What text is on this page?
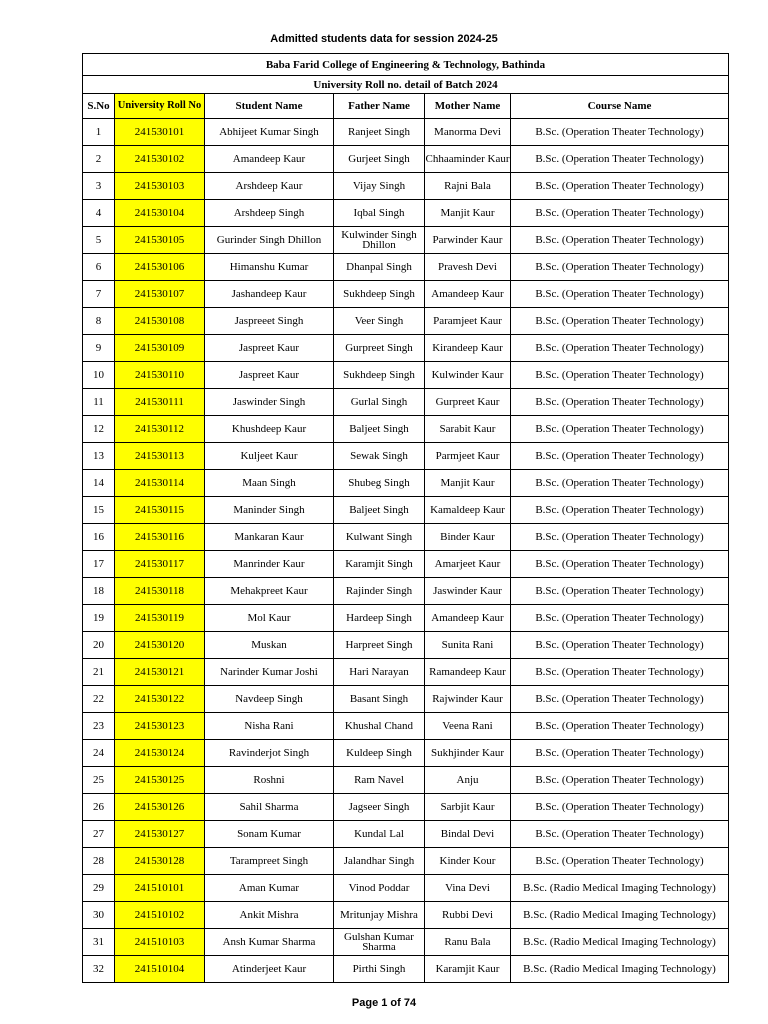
Admitted students data for session 2024-25
Baba Farid College of Engineering & Technology, Bathinda					
University Roll no. detail of Batch 2024					
S.No	University Roll No	Student Name	Father Name	Mother Name	Course Name
1	241530101	Abhijeet Kumar Singh	Ranjeet Singh	Manorma Devi	B.Sc. (Operation Theater Technology)
2	241530102	Amandeep Kaur	Gurjeet Singh	Chhaaminder Kaur	B.Sc. (Operation Theater Technology)
3	241530103	Arshdeep Kaur	Vijay Singh	Rajni Bala	B.Sc. (Operation Theater Technology)
4	241530104	Arshdeep Singh	Iqbal Singh	Manjit Kaur	B.Sc. (Operation Theater Technology)
5	241530105	Gurinder Singh Dhillon	Kulwinder Singh Dhillon	Parwinder Kaur	B.Sc. (Operation Theater Technology)
6	241530106	Himanshu Kumar	Dhanpal Singh	Pravesh Devi	B.Sc. (Operation Theater Technology)
7	241530107	Jashandeep Kaur	Sukhdeep Singh	Amandeep Kaur	B.Sc. (Operation Theater Technology)
8	241530108	Jaspreeet Singh	Veer Singh	Paramjeet Kaur	B.Sc. (Operation Theater Technology)
9	241530109	Jaspreet Kaur	Gurpreet Singh	Kirandeep Kaur	B.Sc. (Operation Theater Technology)
10	241530110	Jaspreet Kaur	Sukhdeep Singh	Kulwinder Kaur	B.Sc. (Operation Theater Technology)
11	241530111	Jaswinder Singh	Gurlal Singh	Gurpreet Kaur	B.Sc. (Operation Theater Technology)
12	241530112	Khushdeep Kaur	Baljeet Singh	Sarabit Kaur	B.Sc. (Operation Theater Technology)
13	241530113	Kuljeet Kaur	Sewak Singh	Parmjeet Kaur	B.Sc. (Operation Theater Technology)
14	241530114	Maan Singh	Shubeg Singh	Manjit Kaur	B.Sc. (Operation Theater Technology)
15	241530115	Maninder Singh	Baljeet Singh	Kamaldeep Kaur	B.Sc. (Operation Theater Technology)
16	241530116	Mankaran Kaur	Kulwant Singh	Binder Kaur	B.Sc. (Operation Theater Technology)
17	241530117	Manrinder Kaur	Karamjit Singh	Amarjeet Kaur	B.Sc. (Operation Theater Technology)
18	241530118	Mehakpreet Kaur	Rajinder Singh	Jaswinder Kaur	B.Sc. (Operation Theater Technology)
19	241530119	Mol Kaur	Hardeep Singh	Amandeep Kaur	B.Sc. (Operation Theater Technology)
20	241530120	Muskan	Harpreet Singh	Sunita Rani	B.Sc. (Operation Theater Technology)
21	241530121	Narinder Kumar Joshi	Hari Narayan	Ramandeep Kaur	B.Sc. (Operation Theater Technology)
22	241530122	Navdeep Singh	Basant Singh	Rajwinder Kaur	B.Sc. (Operation Theater Technology)
23	241530123	Nisha Rani	Khushal Chand	Veena Rani	B.Sc. (Operation Theater Technology)
24	241530124	Ravinderjot Singh	Kuldeep Singh	Sukhjinder Kaur	B.Sc. (Operation Theater Technology)
25	241530125	Roshni	Ram Navel	Anju	B.Sc. (Operation Theater Technology)
26	241530126	Sahil Sharma	Jagseer Singh	Sarbjit Kaur	B.Sc. (Operation Theater Technology)
27	241530127	Sonam Kumar	Kundal Lal	Bindal Devi	B.Sc. (Operation Theater Technology)
28	241530128	Tarampreet Singh	Jalandhar Singh	Kinder Kour	B.Sc. (Operation Theater Technology)
29	241510101	Aman Kumar	Vinod Poddar	Vina Devi	B.Sc. (Radio Medical Imaging Technology)
30	241510102	Ankit Mishra	Mritunjay Mishra	Rubbi Devi	B.Sc. (Radio Medical Imaging Technology)
31	241510103	Ansh Kumar Sharma	Gulshan Kumar Sharma	Ranu Bala	B.Sc. (Radio Medical Imaging Technology)
32	241510104	Atinderjeet Kaur	Pirthi Singh	Karamjit Kaur	B.Sc. (Radio Medical Imaging Technology)
Page 1 of 74
